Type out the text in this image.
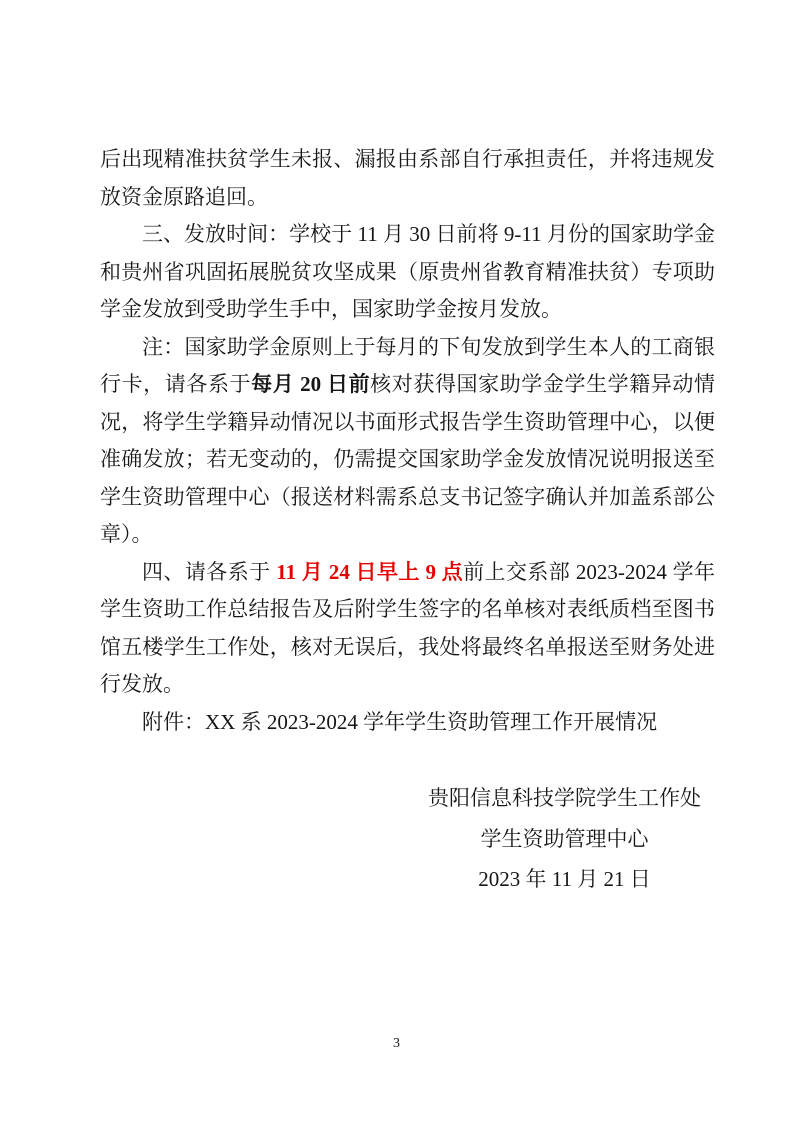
后出现精准扶贫学生未报、漏报由系部自行承担责任，并将违规发放资金原路追回。

三、发放时间：学校于 11 月 30 日前将 9-11 月份的国家助学金和贵州省巩固拓展脱贫攻坚成果（原贵州省教育精准扶贫）专项助学金发放到受助学生手中，国家助学金按月发放。

注：国家助学金原则上于每月的下旬发放到学生本人的工商银行卡，请各系于每月 20 日前核对获得国家助学金学生学籍异动情况，将学生学籍异动情况以书面形式报告学生资助管理中心，以便准确发放；若无变动的，仍需提交国家助学金发放情况说明报送至学生资助管理中心（报送材料需系总支书记签字确认并加盖系部公章）。

四、请各系于 11 月 24 日早上 9 点前上交系部 2023-2024 学年学生资助工作总结报告及后附学生签字的名单核对表纸质档至图书馆五楼学生工作处，核对无误后，我处将最终名单报送至财务处进行发放。

附件：XX 系 2023-2024 学年学生资助管理工作开展情况

贵阳信息科技学院学生工作处
学生资助管理中心
2023 年 11 月 21 日
3
